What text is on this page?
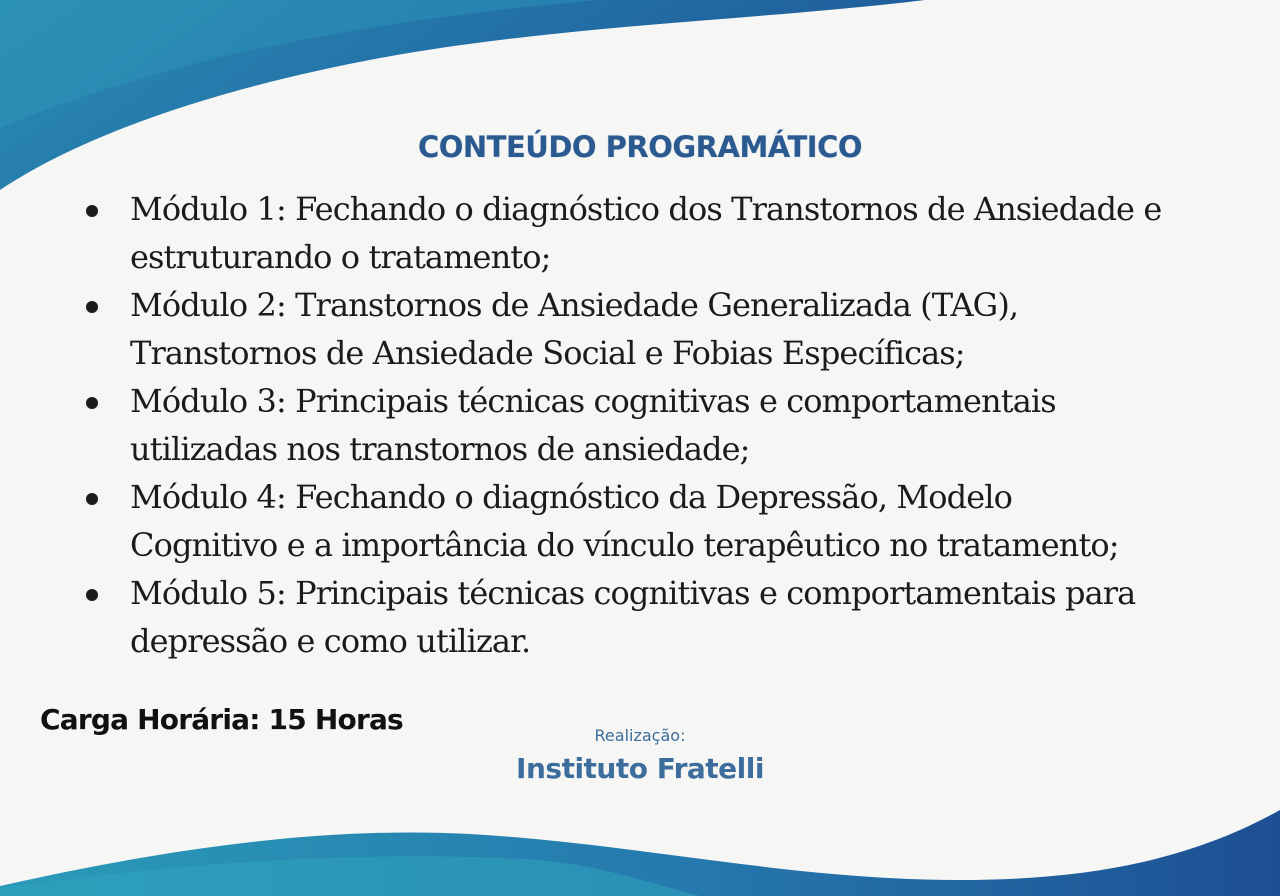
CONTEÚDO PROGRAMÁTICO
Módulo 1: Fechando o diagnóstico dos Transtornos de Ansiedade e
estruturando o tratamento;
Módulo 2: Transtornos de Ansiedade Generalizada (TAG),
Transtornos de Ansiedade Social e Fobias Específicas;
Módulo 3: Principais técnicas cognitivas e comportamentais
utilizadas nos transtornos de ansiedade;
Módulo 4: Fechando o diagnóstico da Depressão, Modelo
Cognitivo e a importância do vínculo terapêutico no tratamento;
Módulo 5: Principais técnicas cognitivas e comportamentais para
depressão e como utilizar.
Carga Horária: 15 Horas	Realização:
Instituto Fratelli
